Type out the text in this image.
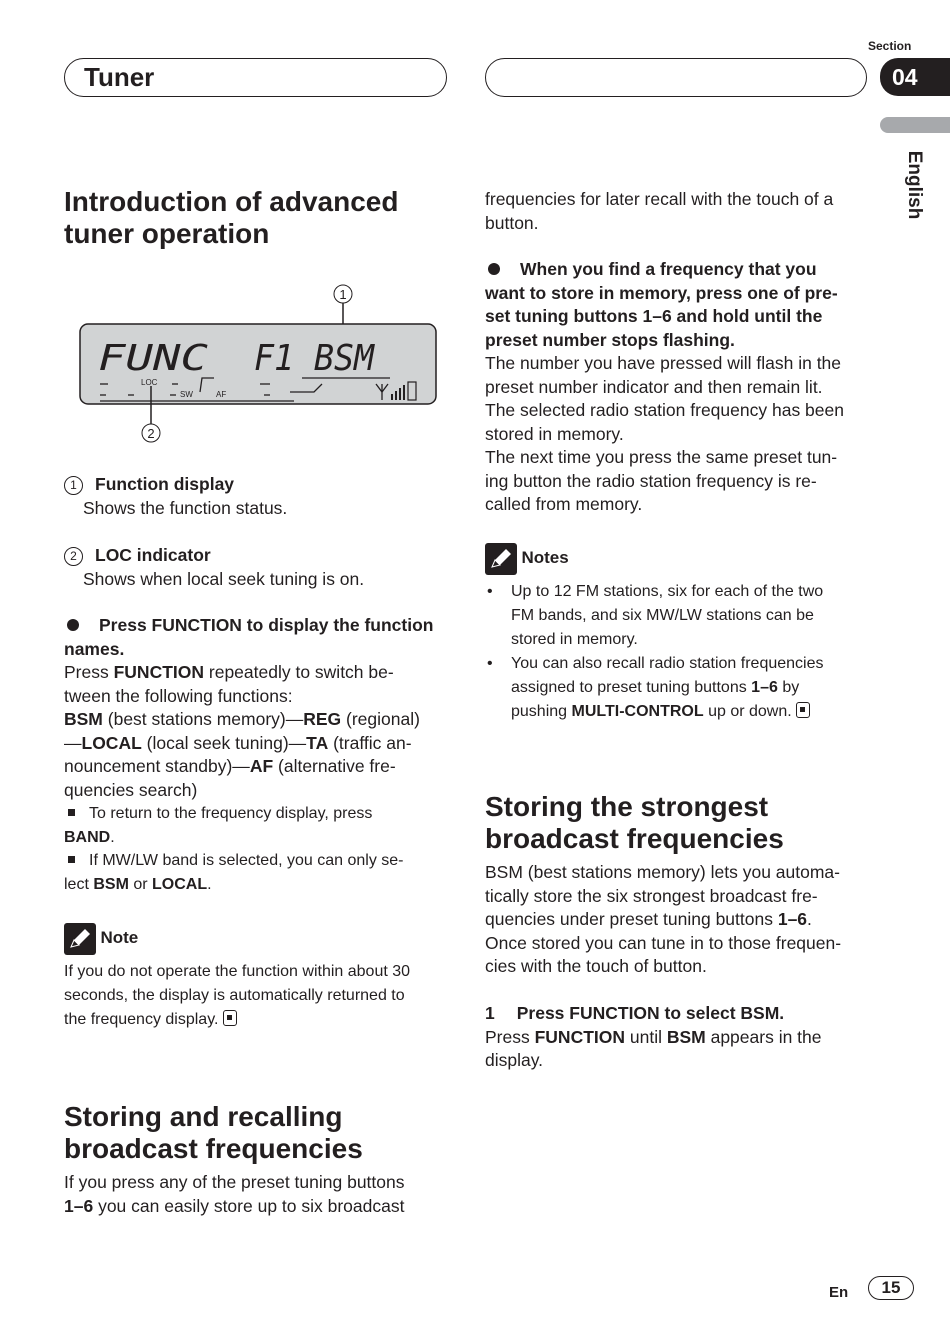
Tuner
Section
04
English
Introduction of advanced
tuner operation
1
FUNC F1 BSM
LOC
SW	AF
2
1 Function display
Shows the function status.
2 LOC indicator
Shows when local seek tuning is on.
Press FUNCTION to display the function
names.
Press FUNCTION repeatedly to switch be-
tween the following functions:
BSM (best stations memory)—REG (regional)
—LOCAL (local seek tuning)—TA (traffic an-
nouncement standby)—AF (alternative fre-
quencies search)
To return to the frequency display, press
BAND.
If MW/LW band is selected, you can only se-
lect BSM or LOCAL.
Note
If you do not operate the function within about 30
seconds, the display is automatically returned to
the frequency display.
Storing and recalling
broadcast frequencies
If you press any of the preset tuning buttons
1–6 you can easily store up to six broadcast
frequencies for later recall with the touch of a
button.
When you find a frequency that you
want to store in memory, press one of pre-
set tuning buttons 1–6 and hold until the
preset number stops flashing.
The number you have pressed will flash in the
preset number indicator and then remain lit.
The selected radio station frequency has been
stored in memory.
The next time you press the same preset tun-
ing button the radio station frequency is re-
called from memory.
Notes
• Up to 12 FM stations, six for each of the two
FM bands, and six MW/LW stations can be
stored in memory.
• You can also recall radio station frequencies
assigned to preset tuning buttons 1–6 by
pushing MULTI-CONTROL up or down.
Storing the strongest
broadcast frequencies
BSM (best stations memory) lets you automa-
tically store the six strongest broadcast fre-
quencies under preset tuning buttons 1–6.
Once stored you can tune in to those frequen-
cies with the touch of button.
1 Press FUNCTION to select BSM.
Press FUNCTION until BSM appears in the
display.
En	15
